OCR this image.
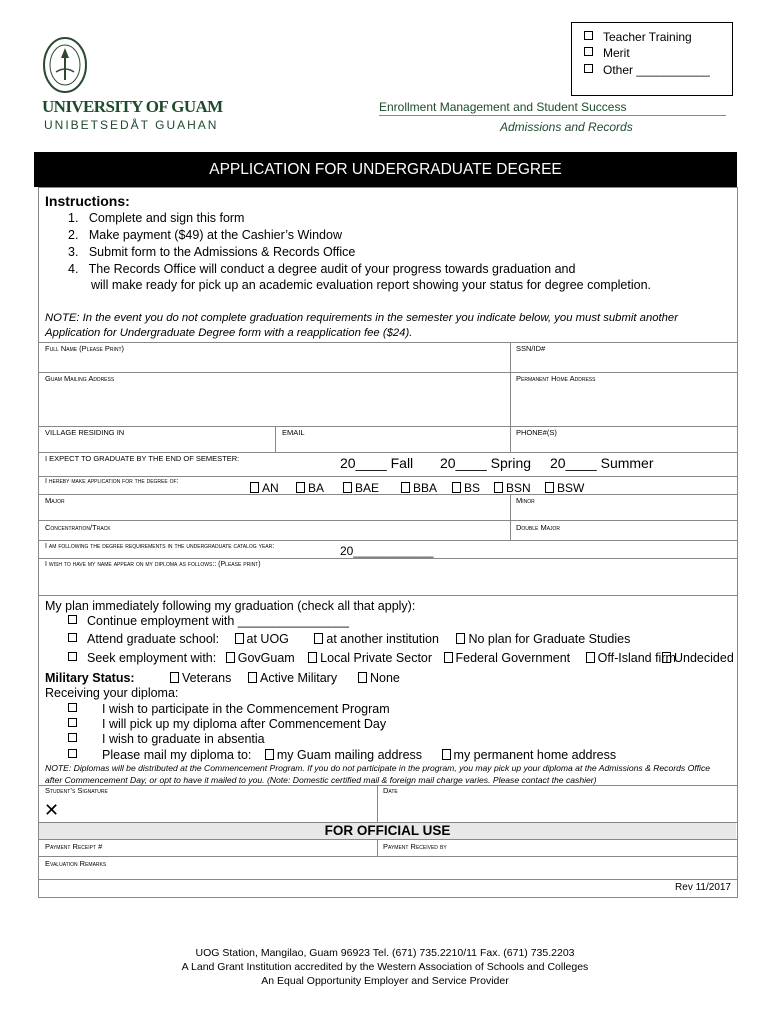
Teacher Training
Merit
Other ___________
UNIVERSITY OF GUAM
UNIBETSEDÅT GUAHAN
Enrollment Management and Student Success
Admissions and Records
APPLICATION FOR UNDERGRADUATE DEGREE
Instructions:
1.   Complete and sign this form
2.   Make payment ($49) at the Cashier’s Window
3.   Submit form to the Admissions & Records Office
4.   The Records Office will conduct a degree audit of your progress towards graduation and
will make ready for pick up an academic evaluation report showing your status for degree completion.
NOTE: In the event you do not complete graduation requirements in the semester you indicate below, you must submit another
Application for Undergraduate Degree form with a reapplication fee ($24).
Full Name (Please Print)	SSN/ID#
Guam Mailing Address	Permanent Home Address
VILLAGE RESIDING IN	EMAIL	PHONE#(S)
I EXPECT TO GRADUATE BY THE END OF SEMESTER:	20____ Fall 20____ Spring 20____ Summer
I hereby make application for the degree of:	AN	BA	BAE	BBA	BS	BSN	BSW
Major	Minor
Concentration/Track	Double Major
I am following the degree requirements in the undergraduate catalog year:	20____________
I wish to have my name appear on my diploma as follows:: (Please print)
My plan immediately following my graduation (check all that apply):
Continue employment with ________________
Attend graduate school: at UOG	at another institution No plan for Graduate Studies
Seek employment with: GovGuam Local Private Sector Federal Government Off-Island firm
Undecided
Military Status:	Veterans	Active Military	None
Receiving your diploma:
I wish to participate in the Commencement Program
I will pick up my diploma after Commencement Day
I wish to graduate in absentia
Please mail my diploma to: my Guam mailing address	my permanent home address
NOTE: Diplomas will be distributed at the Commencement Program. If you do not participate in the program, you may pick up your diploma at the Admissions & Records Office
after Commencement Day, or opt to have it mailed to you. (Note: Domestic certified mail & foreign mail charge varies. Please contact the cashier)
Student’s Signature
✕
Date
FOR OFFICIAL USE
Payment Receipt #	Payment Received by
Evaluation Remarks
Rev 11/2017
UOG Station, Mangilao, Guam 96923 Tel. (671) 735.2210/11 Fax. (671) 735.2203
A Land Grant Institution accredited by the Western Association of Schools and Colleges
An Equal Opportunity Employer and Service Provider
